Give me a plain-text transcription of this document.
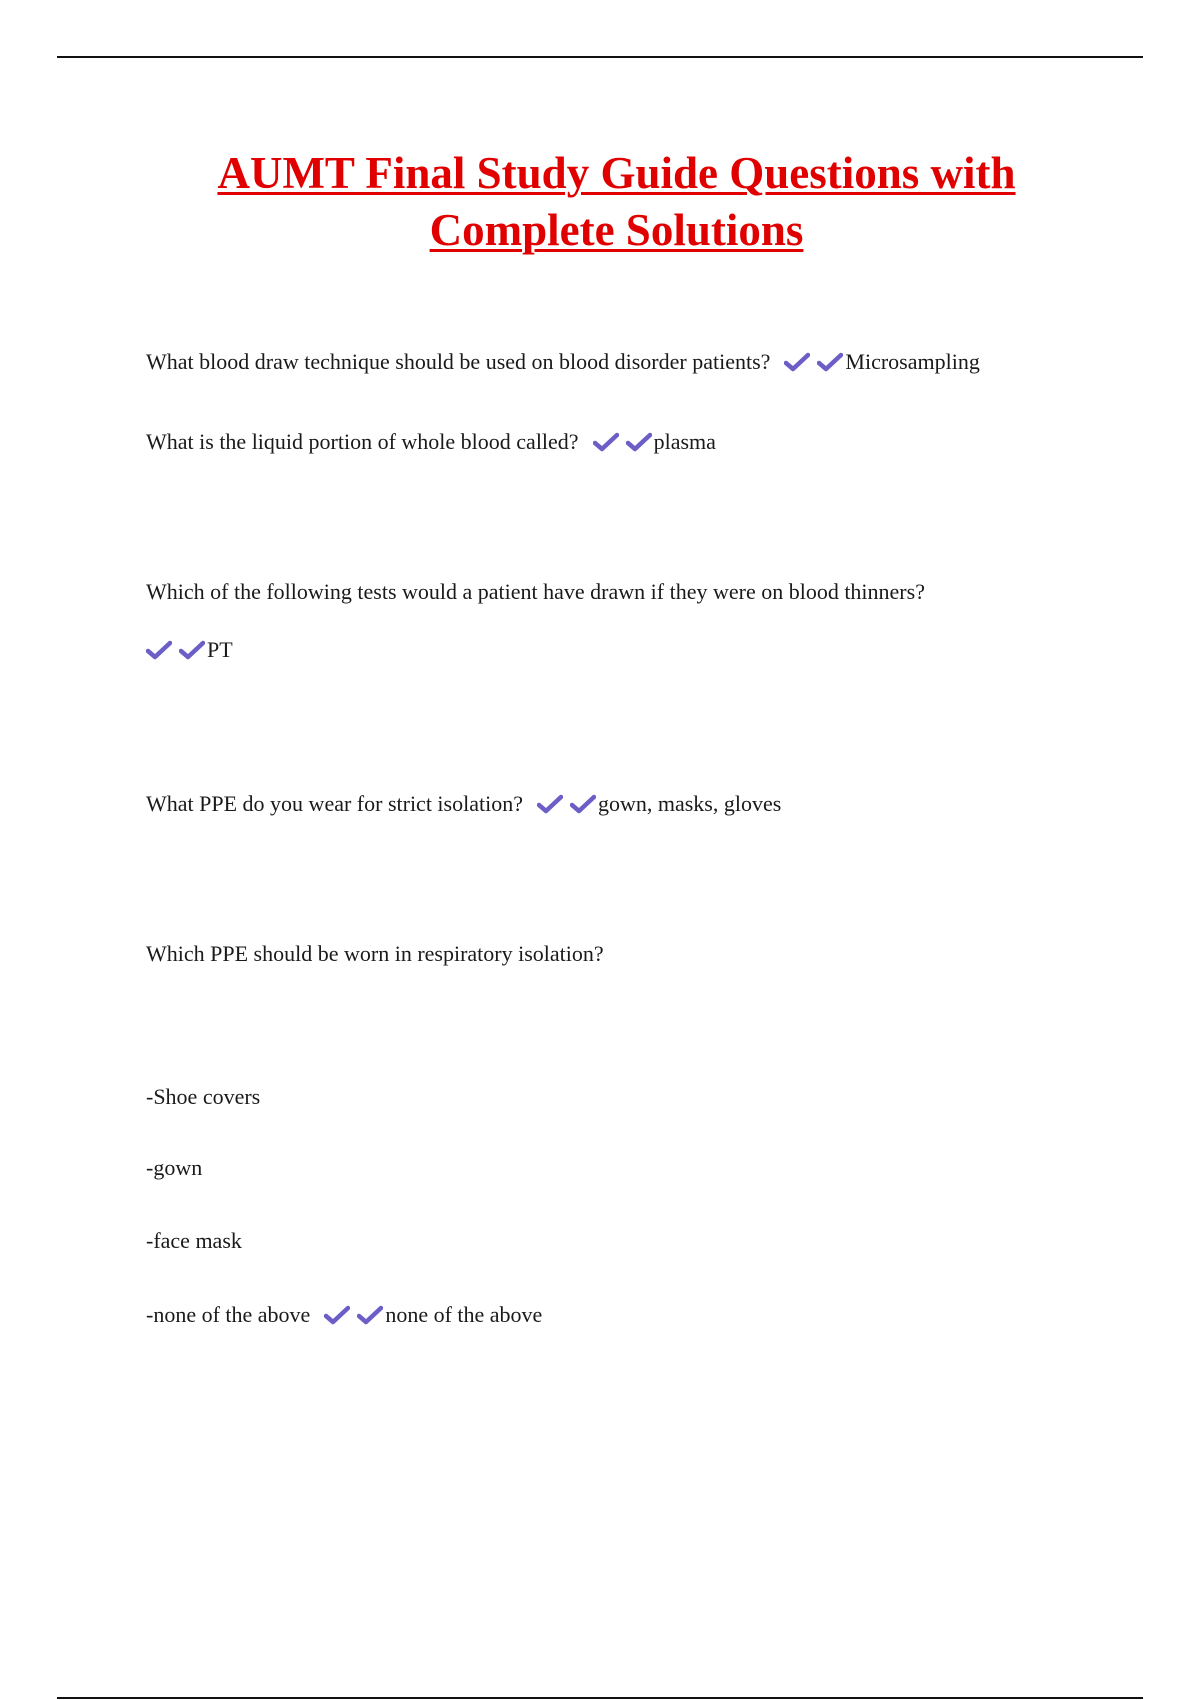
AUMT Final Study Guide Questions with
Complete Solutions
What blood draw technique should be used on blood disorder patients?	Microsampling
What is the liquid portion of whole blood called?	plasma
Which of the following tests would a patient have drawn if they were on blood thinners?
PT
What PPE do you wear for strict isolation?	gown, masks, gloves
Which PPE should be worn in respiratory isolation?
-Shoe covers
-gown
-face mask
-none of the above	none of the above
